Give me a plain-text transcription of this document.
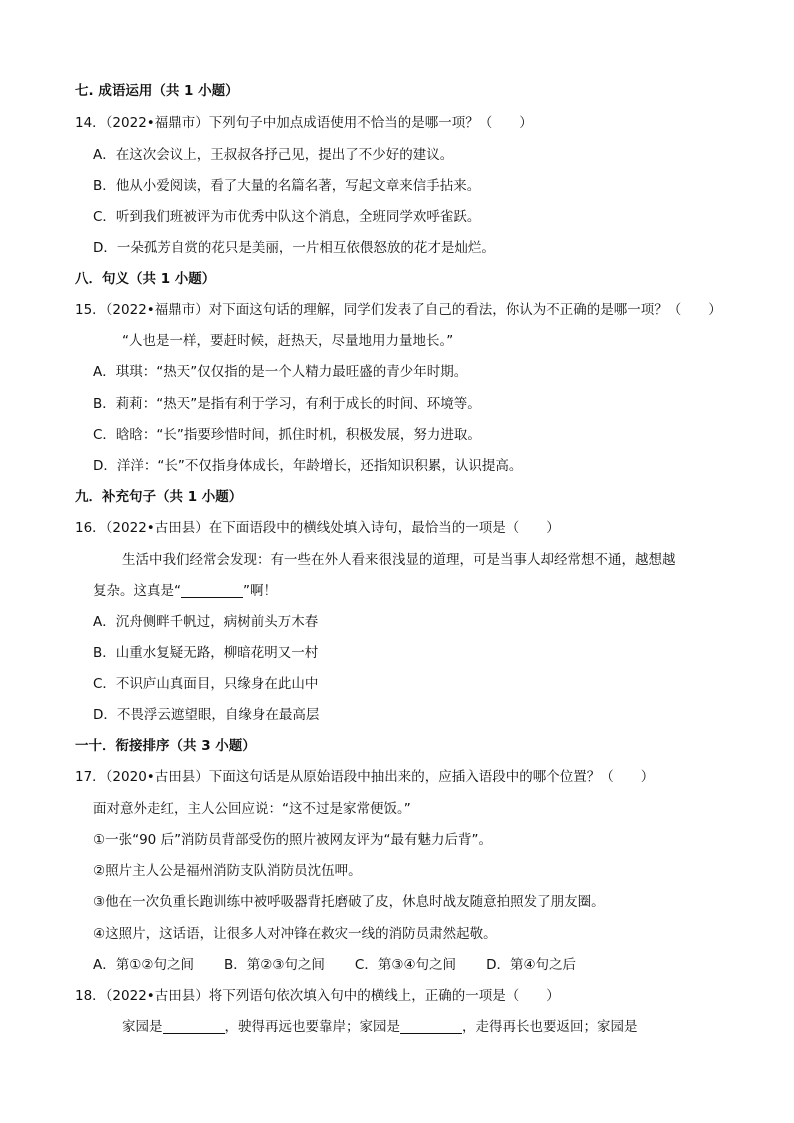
七. 成语运用（共 1 小题）
14．（2022•福鼎市）下列句子中加点成语使用不恰当的是哪一项？（　　）
A．在这次会议上，王叔叔各抒己见，提出了不少好的建议。
B．他从小爱阅读，看了大量的名篇名著，写起文章来信手拈来。
C．听到我们班被评为市优秀中队这个消息，全班同学欢呼雀跃。
D．一朵孤芳自赏的花只是美丽，一片相互依偎怒放的花才是灿烂。
八．句义（共 1 小题）
15．（2022•福鼎市）对下面这句话的理解，同学们发表了自己的看法，你认为不正确的是哪一项？（　　）
“人也是一样，要赶时候，赶热天，尽量地用力量地长。”
A．琪琪：“热天”仅仅指的是一个人精力最旺盛的青少年时期。
B．莉莉：“热天”是指有利于学习，有利于成长的时间、环境等。
C．晗晗：“长”指要珍惜时间，抓住时机，积极发展，努力进取。
D．洋洋：“长”不仅指身体成长，年龄增长，还指知识积累，认识提高。
九．补充句子（共 1 小题）
16．（2022•古田县）在下面语段中的横线处填入诗句，最恰当的一项是（　　）
生活中我们经常会发现：有一些在外人看来很浅显的道理，可是当事人却经常想不通，越想越
复杂。这真是“	”啊！
A．沉舟侧畔千帆过，病树前头万木春
B．山重水复疑无路，柳暗花明又一村
C．不识庐山真面目，只缘身在此山中
D．不畏浮云遮望眼，自缘身在最高层
一十．衔接排序（共 3 小题）
17．（2020•古田县）下面这句话是从原始语段中抽出来的，应插入语段中的哪个位置？（　　）
面对意外走红，主人公回应说：“这不过是家常便饭。”
①一张“90 后”消防员背部受伤的照片被网友评为“最有魅力后背”。
②照片主人公是福州消防支队消防员沈伍呷。
③他在一次负重长跑训练中被呼吸器背托磨破了皮，休息时战友随意拍照发了朋友圈。
④这照片，这话语，让很多人对冲锋在救灾一线的消防员肃然起敬。
A．第①②句之间 B．第②③句之间 C．第③④句之间 D．第④句之后
18．（2022•古田县）将下列语句依次填入句中的横线上，正确的一项是（　　）
家园是	，驶得再远也要靠岸；家园是	，走得再长也要返回；家园是
